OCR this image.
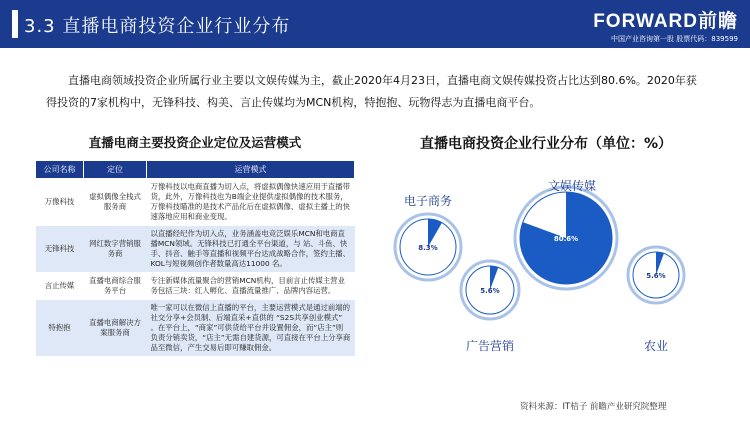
3.3 直播电商投资企业行业分布	FORWARD前瞻
中国产业咨询第一股 股票代码：839599
直播电商领域投资企业所属行业主要以文娱传媒为主，截止2020年4月23日，直播电商文娱传媒投资占比达到80.6%。2020年获得投资的7家机构中，无锋科技、构美、言止传媒均为MCN机构，特抱抱、玩物得志为直播电商平台。
直播电商主要投资企业定位及运营模式
公司名称	定位	运营模式
万像科技	虚拟偶像全栈式服务商	万像科技以电商直播为切入点，将虚拟偶像快速应用于直播带货，此外，万像科技也为B端企业提供虚拟偶像的技术服务，万像科技瞄准的是技术产品化后在虚拟偶像、虚拟主播上的快速落地应用和商业变现。
无锋科技	网红数字营销服务商	以直播经纪作为切入点，业务涵盖电竞泛娱乐MCN和电商直播MCN领域。无锋科技已打通全平台渠道，与 站、斗鱼、快手、抖音、触手等直播和视频平台达成战略合作，签约主播、KOL与短视频创作者数量高达11000 名。
言止传媒	直播电商综合服务平台	专注新媒体流量聚合的营销MCN机构，目前言止传媒主营业务包括三块：红人孵化、直播流量推广、品牌内容运营。
特抱抱	直播电商解决方案服务商	唯一家可以在微信上直播的平台，主要运营模式是通过前端的社交分享+会员制、后端直采+直供的 “S2S共享创业模式” 。在平台上，“商家”可供货给平台并设置佣金，而“店主”则负责分销卖货，“店主”无需自建货源，可直接在平台上分享商品至微信，产生交易后即可赚取佣金。
直播电商投资企业行业分布（单位：%）
8.3%
电子商务
80.6%
文娱传媒
5.6%
广告营销
5.6%
农业
资料来源：IT桔子 前瞻产业研究院整理
